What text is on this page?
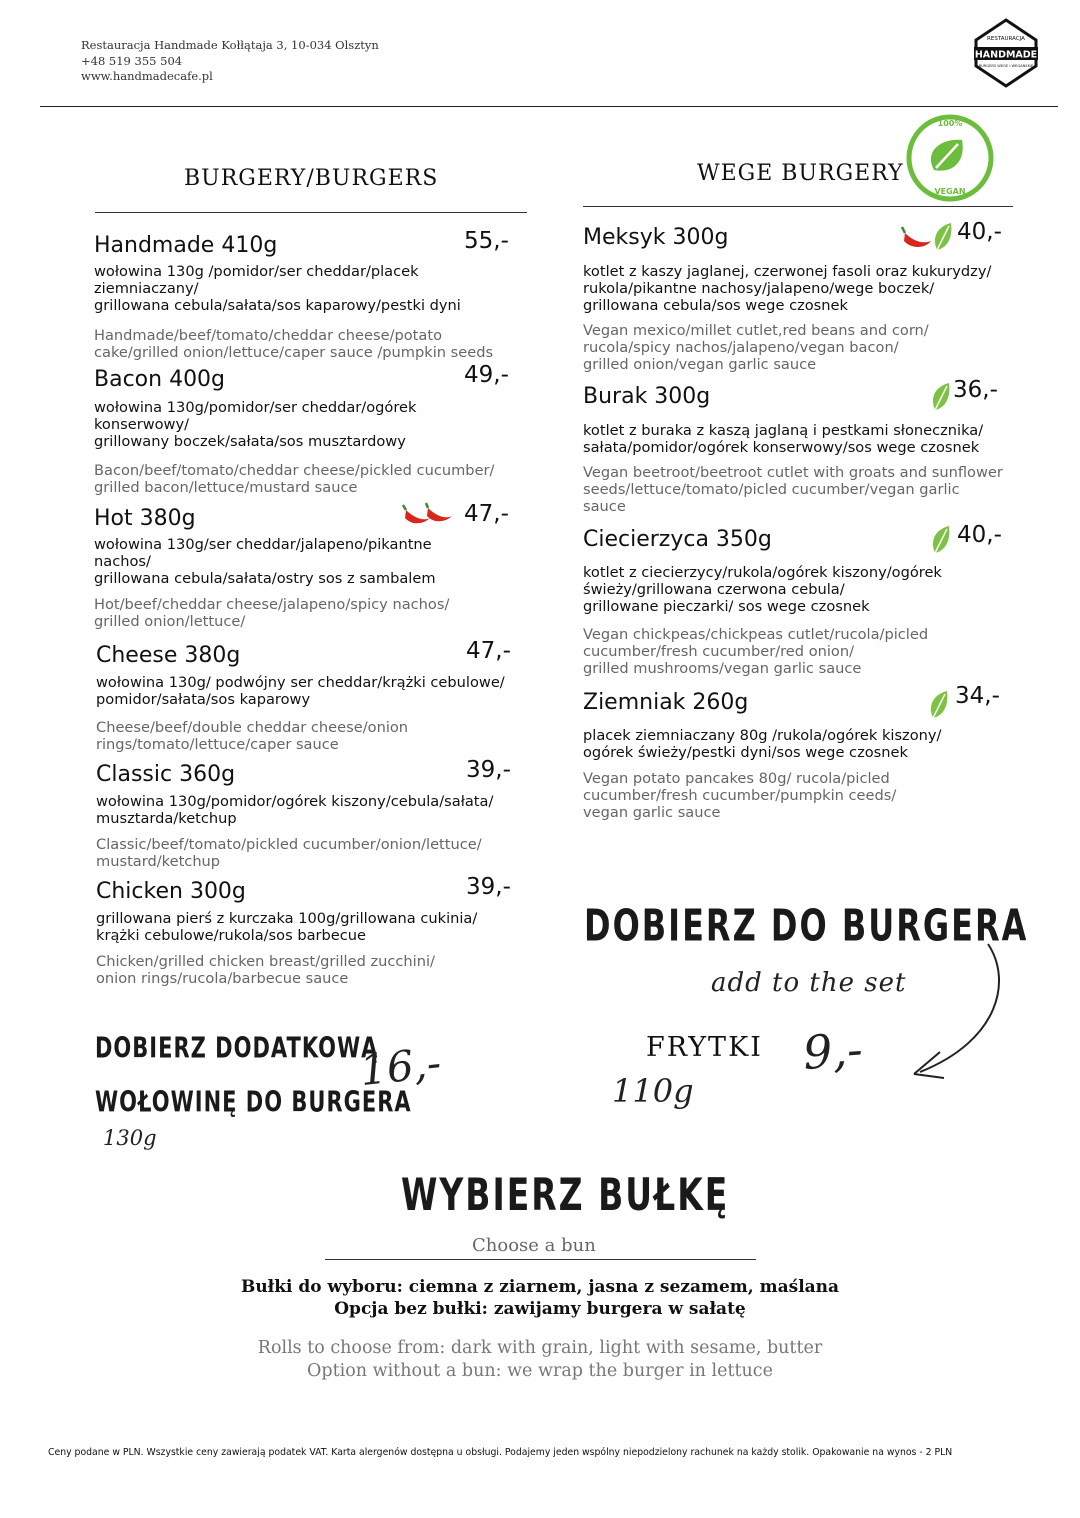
Restauracja Handmade Kołłątaja 3, 10-034 Olsztyn
+48 519 355 504
www.handmadecafe.pl
RESTAURACJA
HANDMADE
BURGERS WEGE I WEGANSKIE
BURGERY/BURGERS
Handmade 410g	55,-
wołowina 130g /pomidor/ser cheddar/placek ziemniaczany/
grillowana cebula/sałata/sos kaparowy/pestki dyni
Handmade/beef/tomato/cheddar cheese/potato cake/grilled onion/lettuce/caper sauce /pumpkin seeds
Bacon 400g	49,-
wołowina 130g/pomidor/ser cheddar/ogórek konserwowy/
grillowany boczek/sałata/sos musztardowy
Bacon/beef/tomato/cheddar cheese/pickled cucumber/
grilled bacon/lettuce/mustard sauce
Hot 380g	47,-
wołowina 130g/ser cheddar/jalapeno/pikantne nachos/
grillowana cebula/sałata/ostry sos z sambalem
Hot/beef/cheddar cheese/jalapeno/spicy nachos/
grilled onion/lettuce/
Cheese 380g	47,-
wołowina 130g/ podwójny ser cheddar/krążki cebulowe/
pomidor/sałata/sos kaparowy
Cheese/beef/double cheddar cheese/onion
rings/tomato/lettuce/caper sauce
Classic 360g	39,-
wołowina 130g/pomidor/ogórek kiszony/cebula/sałata/
musztarda/ketchup
Classic/beef/tomato/pickled cucumber/onion/lettuce/
mustard/ketchup
Chicken 300g	39,-
grillowana pierś z kurczaka 100g/grillowana cukinia/
krążki cebulowe/rukola/sos barbecue
Chicken/grilled chicken breast/grilled zucchini/
onion rings/rucola/barbecue sauce
WEGE BURGERY
100%
VEGAN
Meksyk 300g	40,-
kotlet z kaszy jaglanej, czerwonej fasoli oraz kukurydzy/
rukola/pikantne nachosy/jalapeno/wege boczek/
grillowana cebula/sos wege czosnek
Vegan mexico/millet cutlet,red beans and corn/
rucola/spicy nachos/jalapeno/vegan bacon/
grilled onion/vegan garlic sauce
Burak 300g	36,-
kotlet z buraka z kaszą jaglaną i pestkami słonecznika/
sałata/pomidor/ogórek konserwowy/sos wege czosnek
Vegan beetroot/beetroot cutlet with groats and sunflower
seeds/lettuce/tomato/picled cucumber/vegan garlic
sauce
Ciecierzyca 350g	40,-
kotlet z ciecierzycy/rukola/ogórek kiszony/ogórek
świeży/grillowana czerwona cebula/
grillowane pieczarki/ sos wege czosnek
Vegan chickpeas/chickpeas cutlet/rucola/picled
cucumber/fresh cucumber/red onion/
grilled mushrooms/vegan garlic sauce
Ziemniak 260g	34,-
placek ziemniaczany 80g /rukola/ogórek kiszony/
ogórek świeży/pestki dyni/sos wege czosnek
Vegan potato pancakes 80g/ rucola/picled
cucumber/fresh cucumber/pumpkin ceeds/
vegan garlic sauce
DOBIERZ DODATKOWĄ
WOŁOWINĘ DO BURGERA
130g
16,-
DOBIERZ DO BURGERA
add to the set
FRYTKI
110g
9,-
WYBIERZ BUŁKĘ
Choose a bun
Bułki do wyboru: ciemna z ziarnem, jasna z sezamem, maślana
Opcja bez bułki: zawijamy burgera w sałatę
Rolls to choose from: dark with grain, light with sesame, butter
Option without a bun: we wrap the burger in lettuce
Ceny podane w PLN. Wszystkie ceny zawierają podatek VAT. Karta alergenów dostępna u obsługi. Podajemy jeden wspólny niepodzielony rachunek na każdy stolik. Opakowanie na wynos - 2 PLN
